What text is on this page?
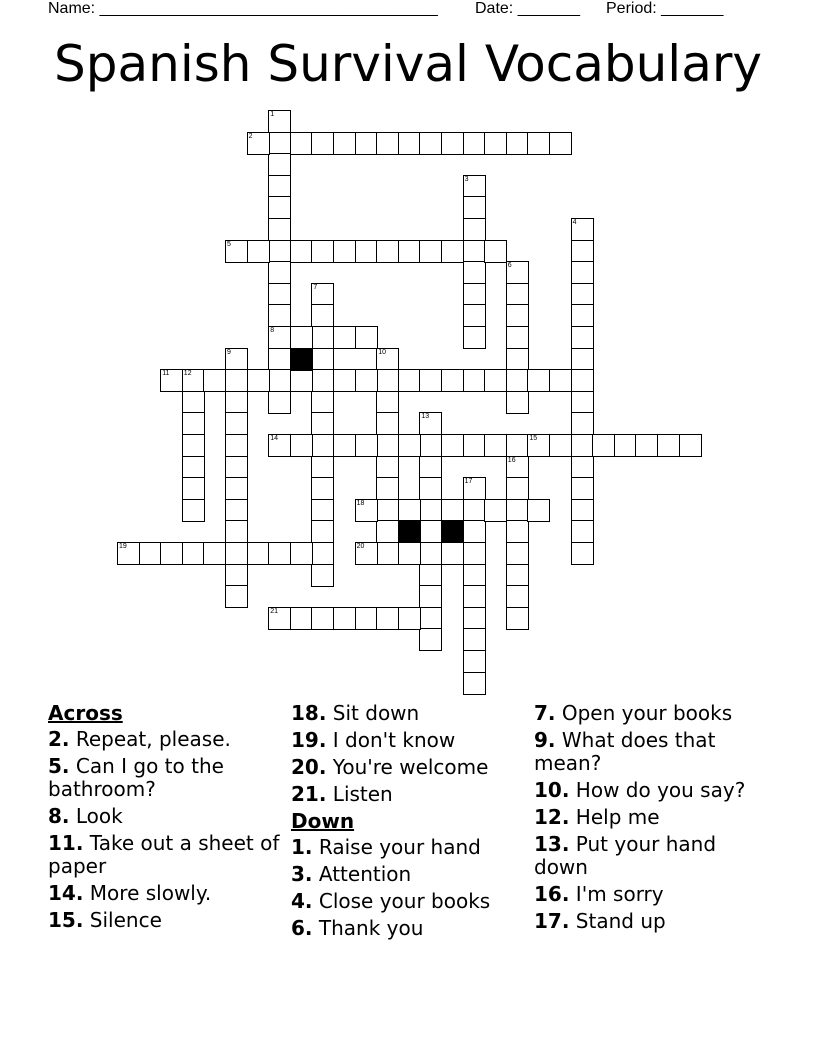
Name: ______________________________________ Date: _______ Period: _______
Spanish Survival Vocabulary
1
8
2
3
4
5
6
7
9	10
11 12
13
14	15
16
17
18
19	20
21
Across
2. Repeat, please.
5. Can I go to the bathroom?
8. Look
11. Take out a sheet of paper
14. More slowly.
15. Silence
18. Sit down
19. I don't know
20. You're welcome
21. Listen
Down
1. Raise your hand
3. Attention
4. Close your books
6. Thank you
7. Open your books
9. What does that mean?
10. How do you say?
12. Help me
13. Put your hand down
16. I'm sorry
17. Stand up
